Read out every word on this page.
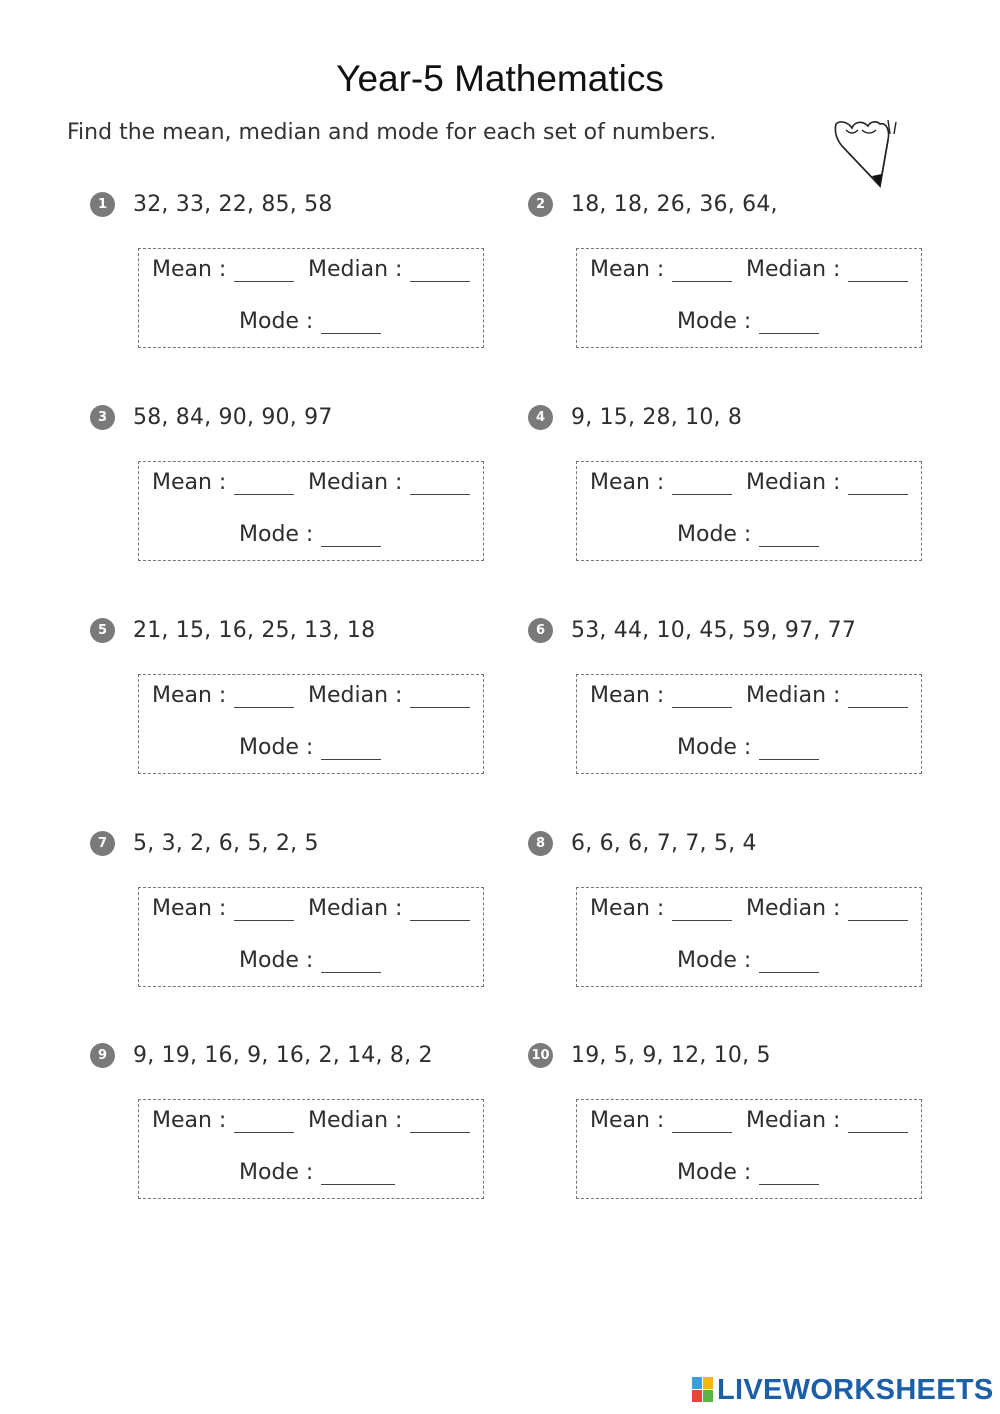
Year-5 Mathematics
Find the mean, median and mode for each set of numbers.
1	32, 33, 22, 85, 58
Mean :	Median :
Mode :
2	18, 18, 26, 36, 64,
Mean :	Median :
Mode :
3	58, 84, 90, 90, 97
Mean :	Median :
Mode :
4	9, 15, 28, 10, 8
Mean :	Median :
Mode :
5	21, 15, 16, 25, 13, 18
Mean :	Median :
Mode :
6	53, 44, 10, 45, 59, 97, 77
Mean :	Median :
Mode :
7	5, 3, 2, 6, 5, 2, 5
Mean :	Median :
Mode :
8	6, 6, 6, 7, 7, 5, 4
Mean :	Median :
Mode :
9	9, 19, 16, 9, 16, 2, 14, 8, 2
Mean :	Median :
Mode :
10 19, 5, 9, 12, 10, 5
Mean :	Median :
Mode :
LIVEWORKSHEETS
